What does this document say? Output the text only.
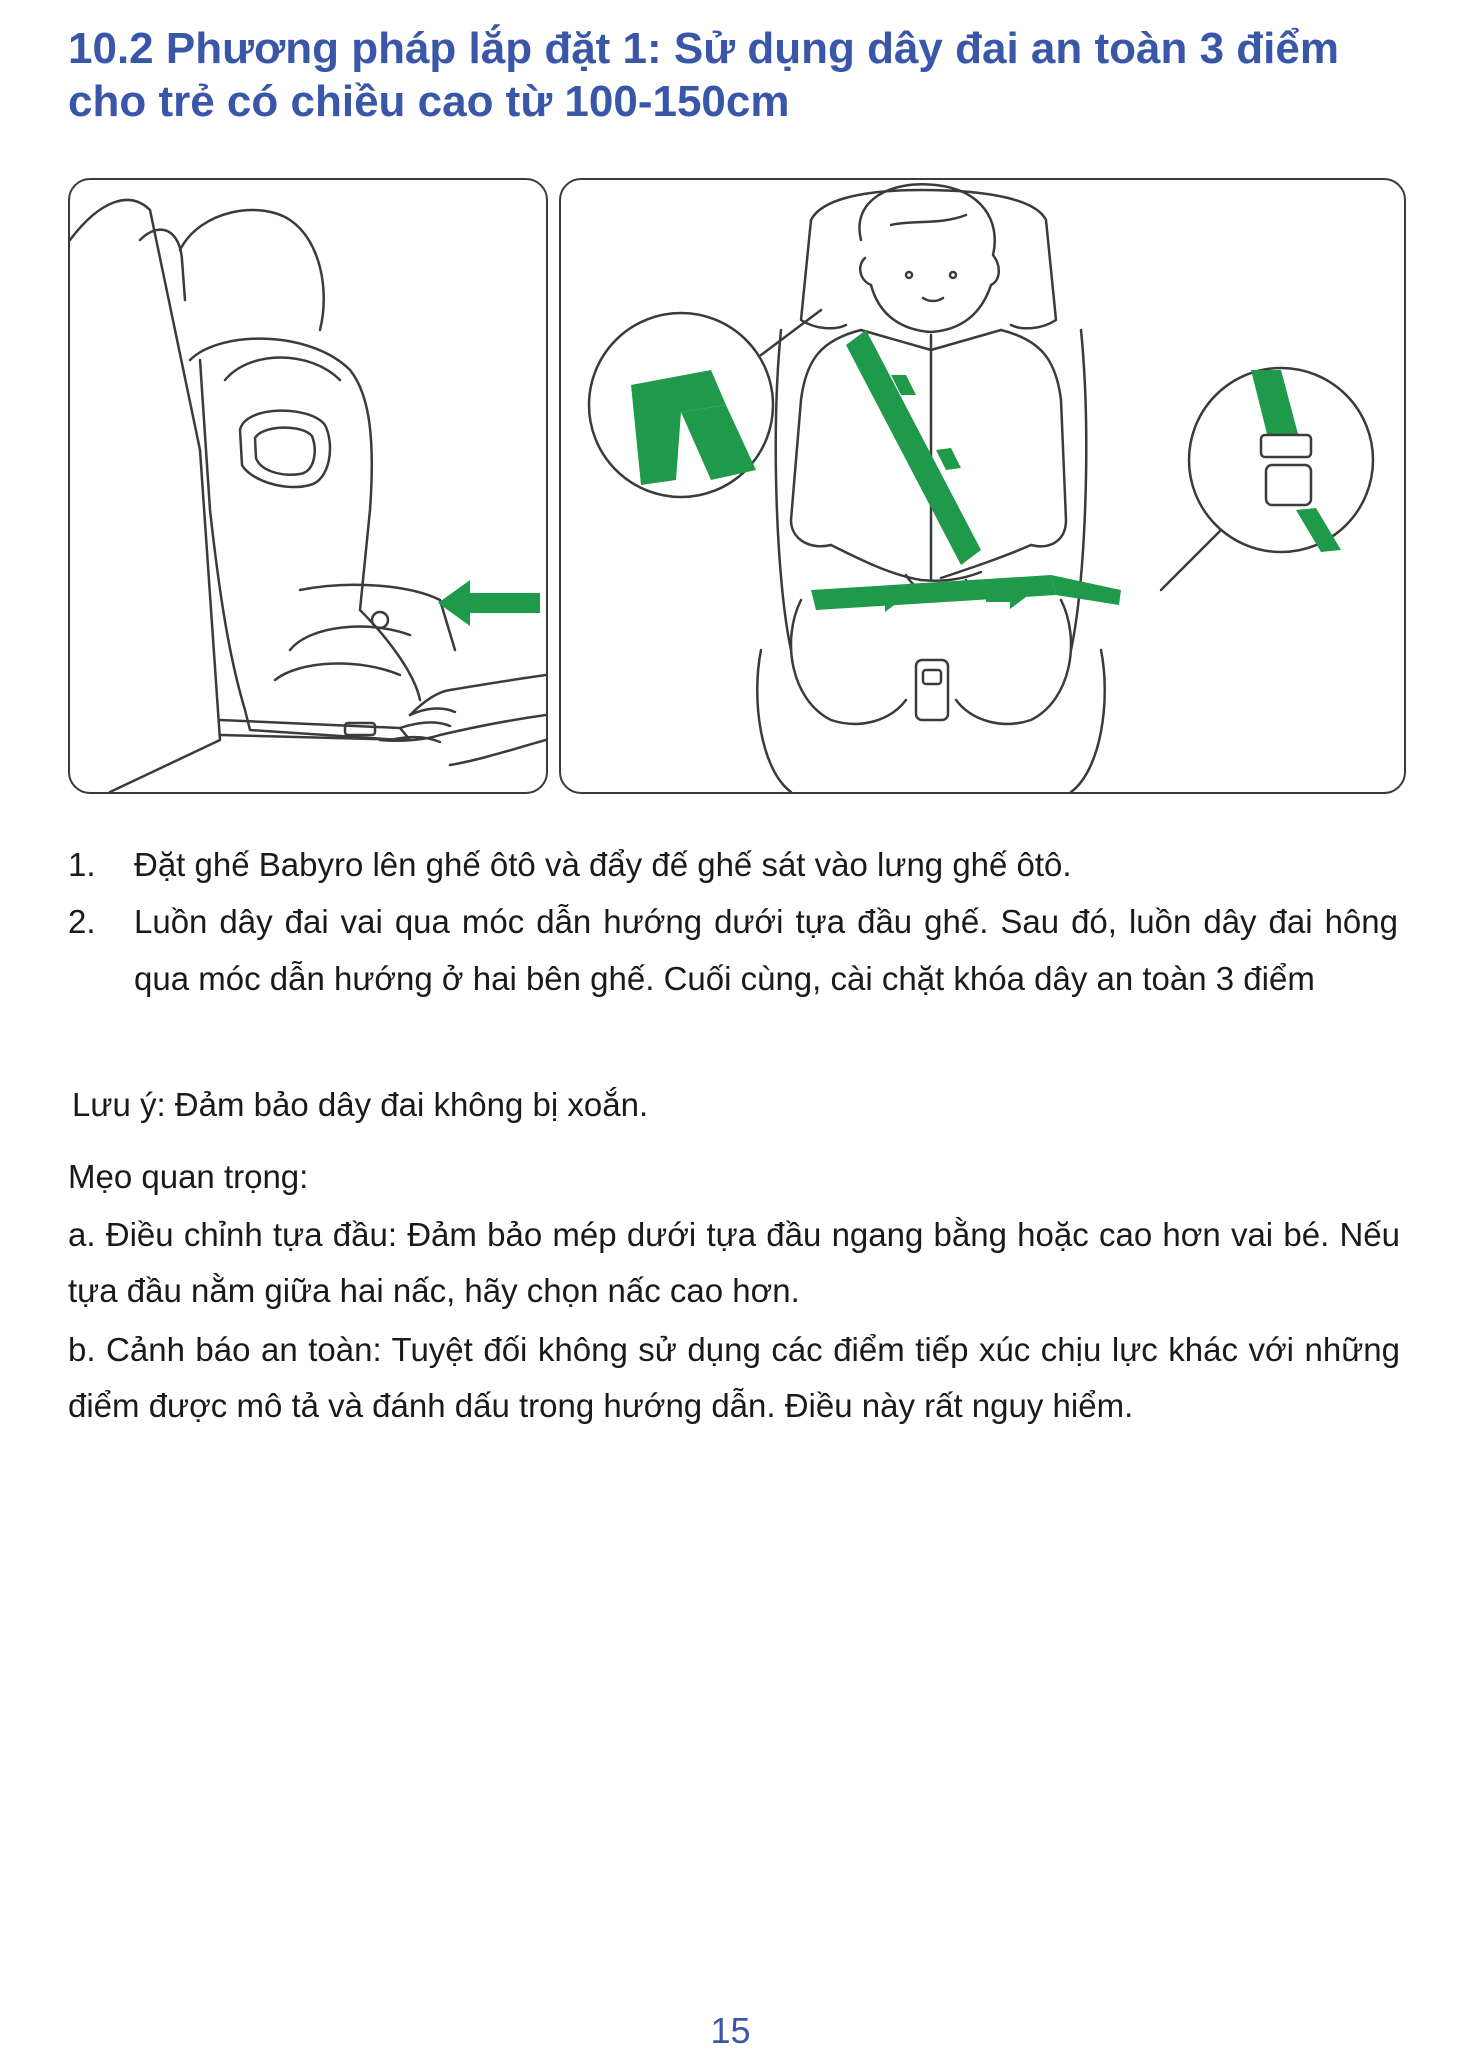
10.2 Phương pháp lắp đặt 1: Sử dụng dây đai an toàn 3 điểm cho trẻ có chiều cao từ 100-150cm
1. Đặt ghế Babyro lên ghế ôtô và đẩy đế ghế sát vào lưng ghế ôtô.
2. Luồn dây đai vai qua móc dẫn hướng dưới tựa đầu ghế. Sau đó, luồn dây đai hông qua móc dẫn hướng ở hai bên ghế. Cuối cùng, cài chặt khóa dây an toàn 3 điểm
Lưu ý: Đảm bảo dây đai không bị xoắn.
Mẹo quan trọng:
a. Điều chỉnh tựa đầu: Đảm bảo mép dưới tựa đầu ngang bằng hoặc cao hơn vai bé. Nếu tựa đầu nằm giữa hai nấc, hãy chọn nấc cao hơn.
b. Cảnh báo an toàn: Tuyệt đối không sử dụng các điểm tiếp xúc chịu lực khác với những điểm được mô tả và đánh dấu trong hướng dẫn. Điều này rất nguy hiểm.
15
